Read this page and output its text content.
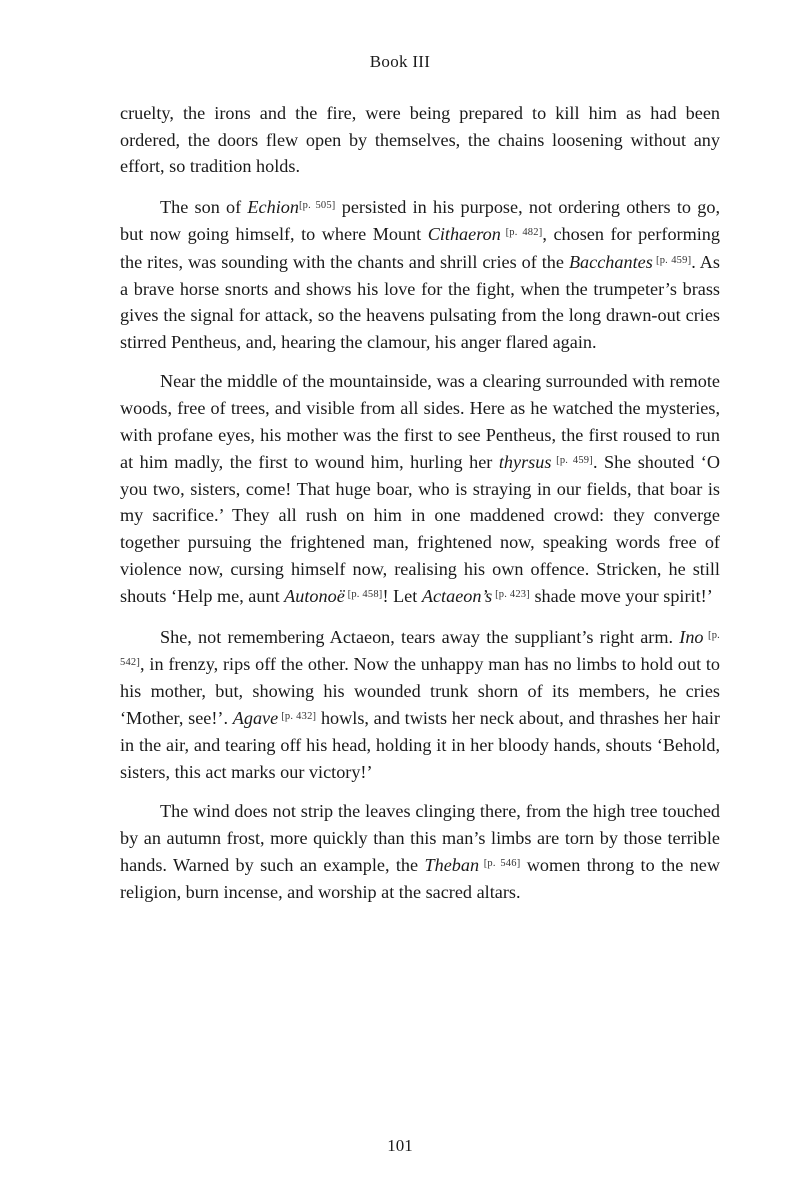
Book III

cruelty, the irons and the fire, were being prepared to kill him as had been ordered, the doors flew open by themselves, the chains loosening without any effort, so tradition holds.

The son of Echion[p. 505] persisted in his purpose, not ordering others to go, but now going himself, to where Mount Cithaeron [p. 482], chosen for performing the rites, was sounding with the chants and shrill cries of the Bacchantes [p. 459]. As a brave horse snorts and shows his love for the fight, when the trumpeter’s brass gives the signal for attack, so the heavens pulsating from the long drawn-out cries stirred Pentheus, and, hearing the clamour, his anger flared again.

Near the middle of the mountainside, was a clearing surrounded with remote woods, free of trees, and visible from all sides. Here as he watched the mysteries, with profane eyes, his mother was the first to see Pentheus, the first roused to run at him madly, the first to wound him, hurling her thyrsus [p. 459]. She shouted ‘O you two, sisters, come! That huge boar, who is straying in our fields, that boar is my sacrifice.’ They all rush on him in one maddened crowd: they converge together pursuing the frightened man, frightened now, speaking words free of violence now, cursing himself now, realising his own offence. Stricken, he still shouts ‘Help me, aunt Autonoë [p. 458]! Let Actaeon’s [p. 423] shade move your spirit!’

She, not remembering Actaeon, tears away the suppliant’s right arm. Ino [p. 542], in frenzy, rips off the other. Now the unhappy man has no limbs to hold out to his mother, but, showing his wounded trunk shorn of its members, he cries ‘Mother, see!’. Agave [p. 432] howls, and twists her neck about, and thrashes her hair in the air, and tearing off his head, holding it in her bloody hands, shouts ‘Behold, sisters, this act marks our victory!’

The wind does not strip the leaves clinging there, from the high tree touched by an autumn frost, more quickly than this man’s limbs are torn by those terrible hands. Warned by such an example, the Theban [p. 546] women throng to the new religion, burn incense, and worship at the sacred altars.

101
